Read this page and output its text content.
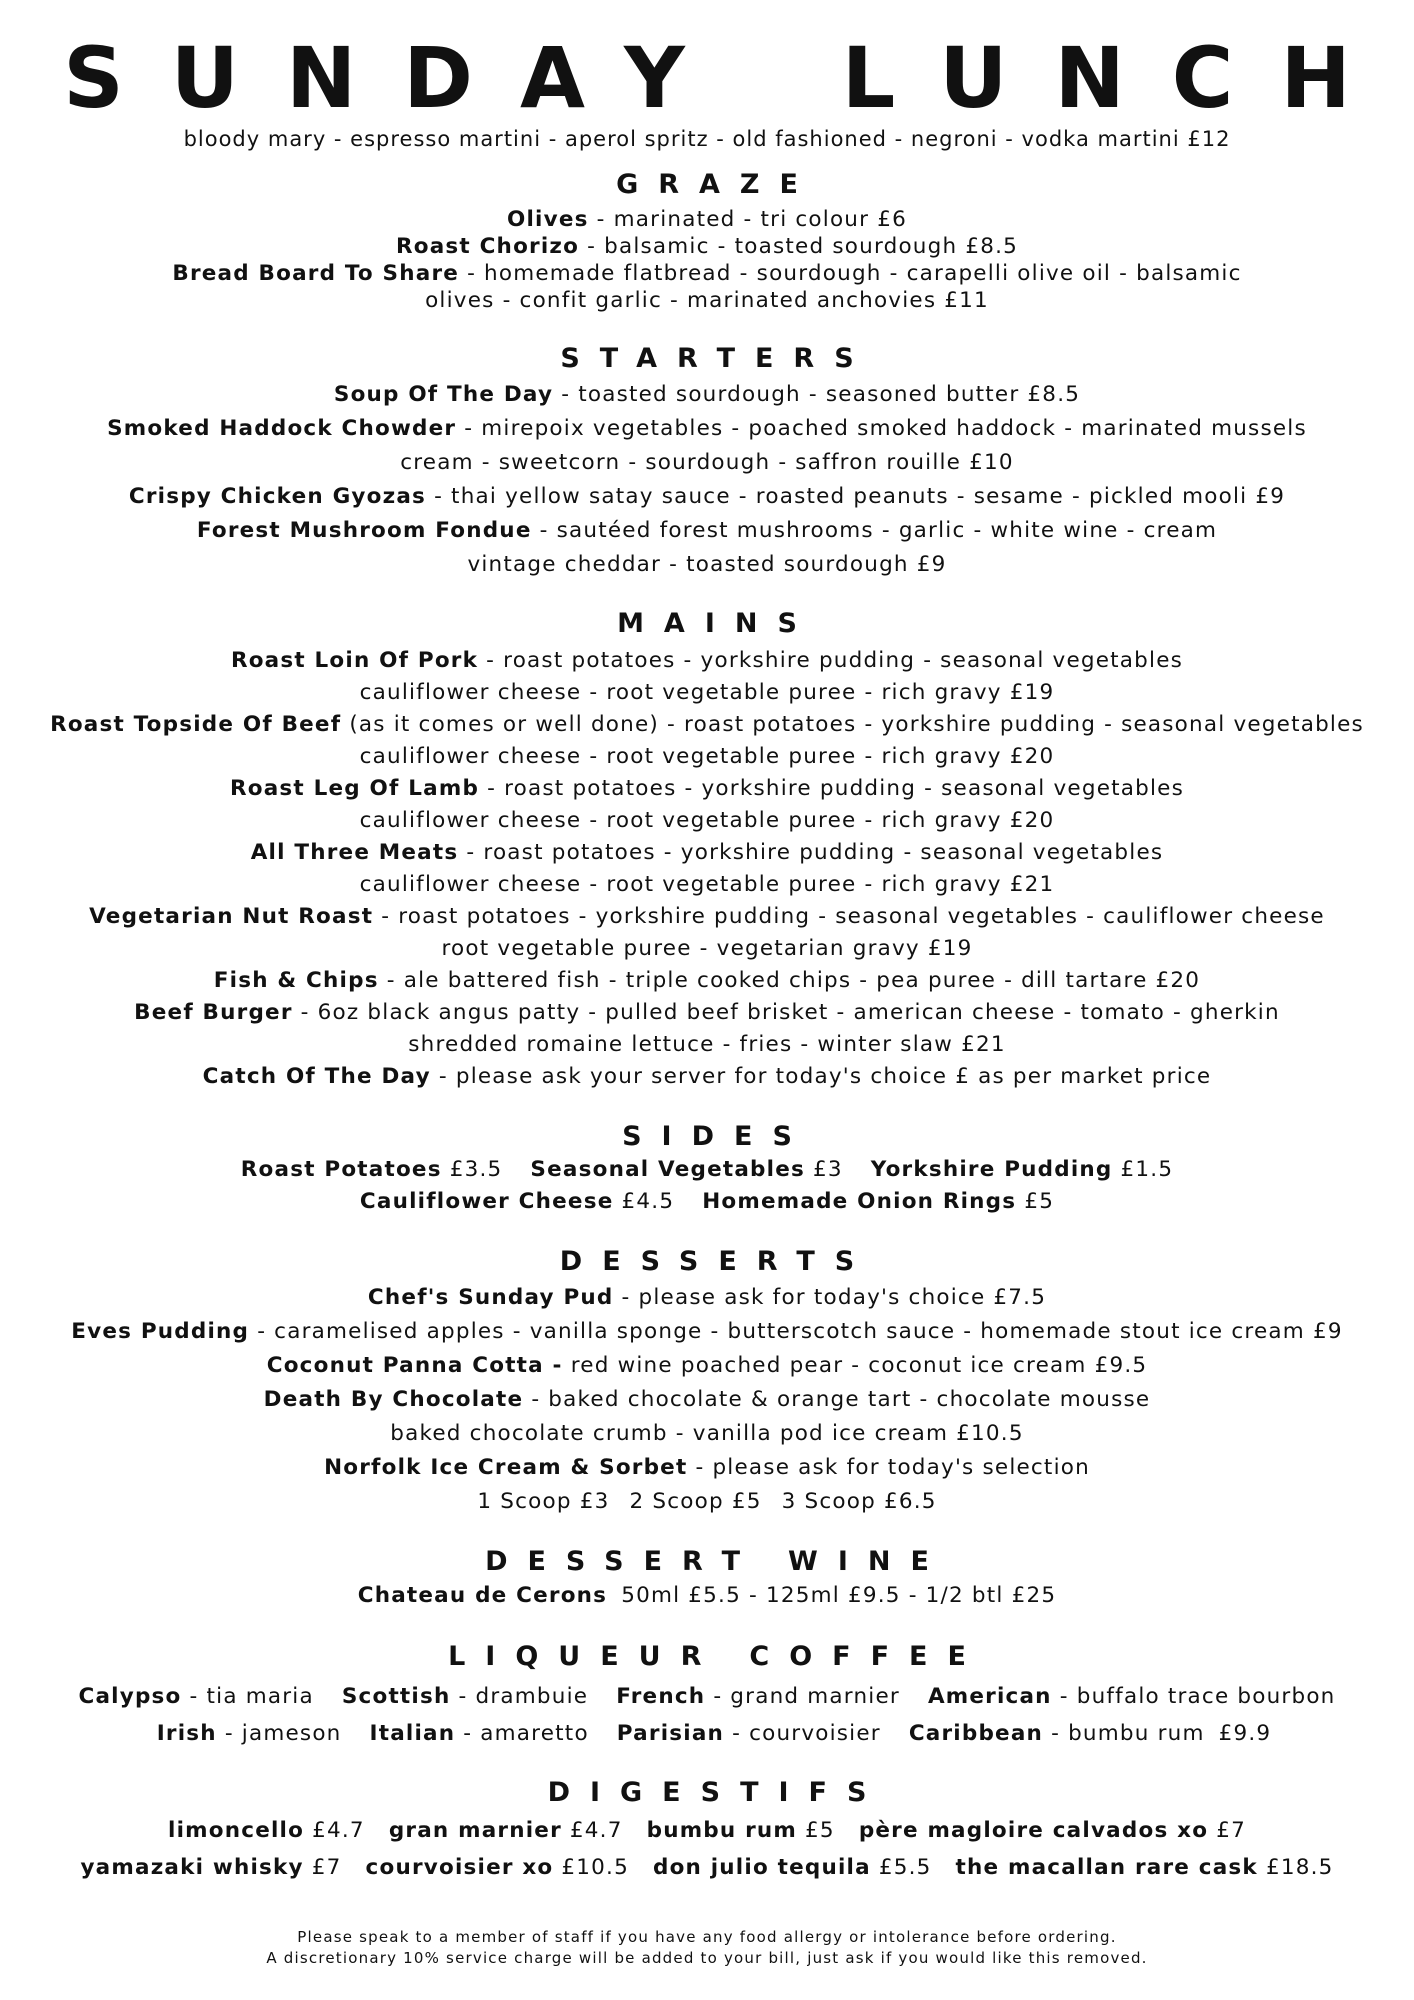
SUNDAY LUNCH
bloody mary - espresso martini - aperol spritz - old fashioned - negroni - vodka martini £12
GRAZE
Olives - marinated - tri colour £6
Roast Chorizo - balsamic - toasted sourdough £8.5
Bread Board To Share - homemade flatbread - sourdough - carapelli olive oil - balsamic
olives - confit garlic - marinated anchovies £11
STARTERS
Soup Of The Day - toasted sourdough - seasoned butter £8.5
Smoked Haddock Chowder - mirepoix vegetables - poached smoked haddock - marinated mussels
cream - sweetcorn - sourdough - saffron rouille £10
Crispy Chicken Gyozas - thai yellow satay sauce - roasted peanuts - sesame - pickled mooli £9
Forest Mushroom Fondue - sautéed forest mushrooms - garlic - white wine - cream
vintage cheddar - toasted sourdough £9
MAINS
Roast Loin Of Pork - roast potatoes - yorkshire pudding - seasonal vegetables
cauliflower cheese - root vegetable puree - rich gravy £19
Roast Topside Of Beef (as it comes or well done) - roast potatoes - yorkshire pudding - seasonal vegetables
cauliflower cheese - root vegetable puree - rich gravy £20
Roast Leg Of Lamb - roast potatoes - yorkshire pudding - seasonal vegetables
cauliflower cheese - root vegetable puree - rich gravy £20
All Three Meats - roast potatoes - yorkshire pudding - seasonal vegetables
cauliflower cheese - root vegetable puree - rich gravy £21
Vegetarian Nut Roast - roast potatoes - yorkshire pudding - seasonal vegetables - cauliflower cheese
root vegetable puree - vegetarian gravy £19
Fish & Chips - ale battered fish - triple cooked chips - pea puree - dill tartare £20
Beef Burger - 6oz black angus patty - pulled beef brisket - american cheese - tomato - gherkin
shredded romaine lettuce - fries - winter slaw £21
Catch Of The Day - please ask your server for today's choice £ as per market price
SIDES
Roast Potatoes £3.5 Seasonal Vegetables £3 Yorkshire Pudding £1.5
Cauliflower Cheese £4.5 Homemade Onion Rings £5
DESSERTS
Chef's Sunday Pud - please ask for today's choice £7.5
Eves Pudding - caramelised apples - vanilla sponge - butterscotch sauce - homemade stout ice cream £9
Coconut Panna Cotta - red wine poached pear - coconut ice cream £9.5
Death By Chocolate - baked chocolate & orange tart - chocolate mousse
baked chocolate crumb - vanilla pod ice cream £10.5
Norfolk Ice Cream & Sorbet - please ask for today's selection
1 Scoop £3 2 Scoop £5 3 Scoop £6.5
DESSERT WINE
Chateau de Cerons 50ml £5.5 - 125ml £9.5 - 1/2 btl £25
LIQUEUR COFFEE
Calypso - tia maria Scottish - drambuie French - grand marnier American - buffalo trace bourbon
Irish - jameson Italian - amaretto Parisian - courvoisier Caribbean - bumbu rum £9.9
DIGESTIFS
limoncello £4.7 gran marnier £4.7 bumbu rum £5 père magloire calvados xo £7
yamazaki whisky £7 courvoisier xo £10.5 don julio tequila £5.5 the macallan rare cask £18.5
Please speak to a member of staff if you have any food allergy or intolerance before ordering.
A discretionary 10% service charge will be added to your bill, just ask if you would like this removed.
